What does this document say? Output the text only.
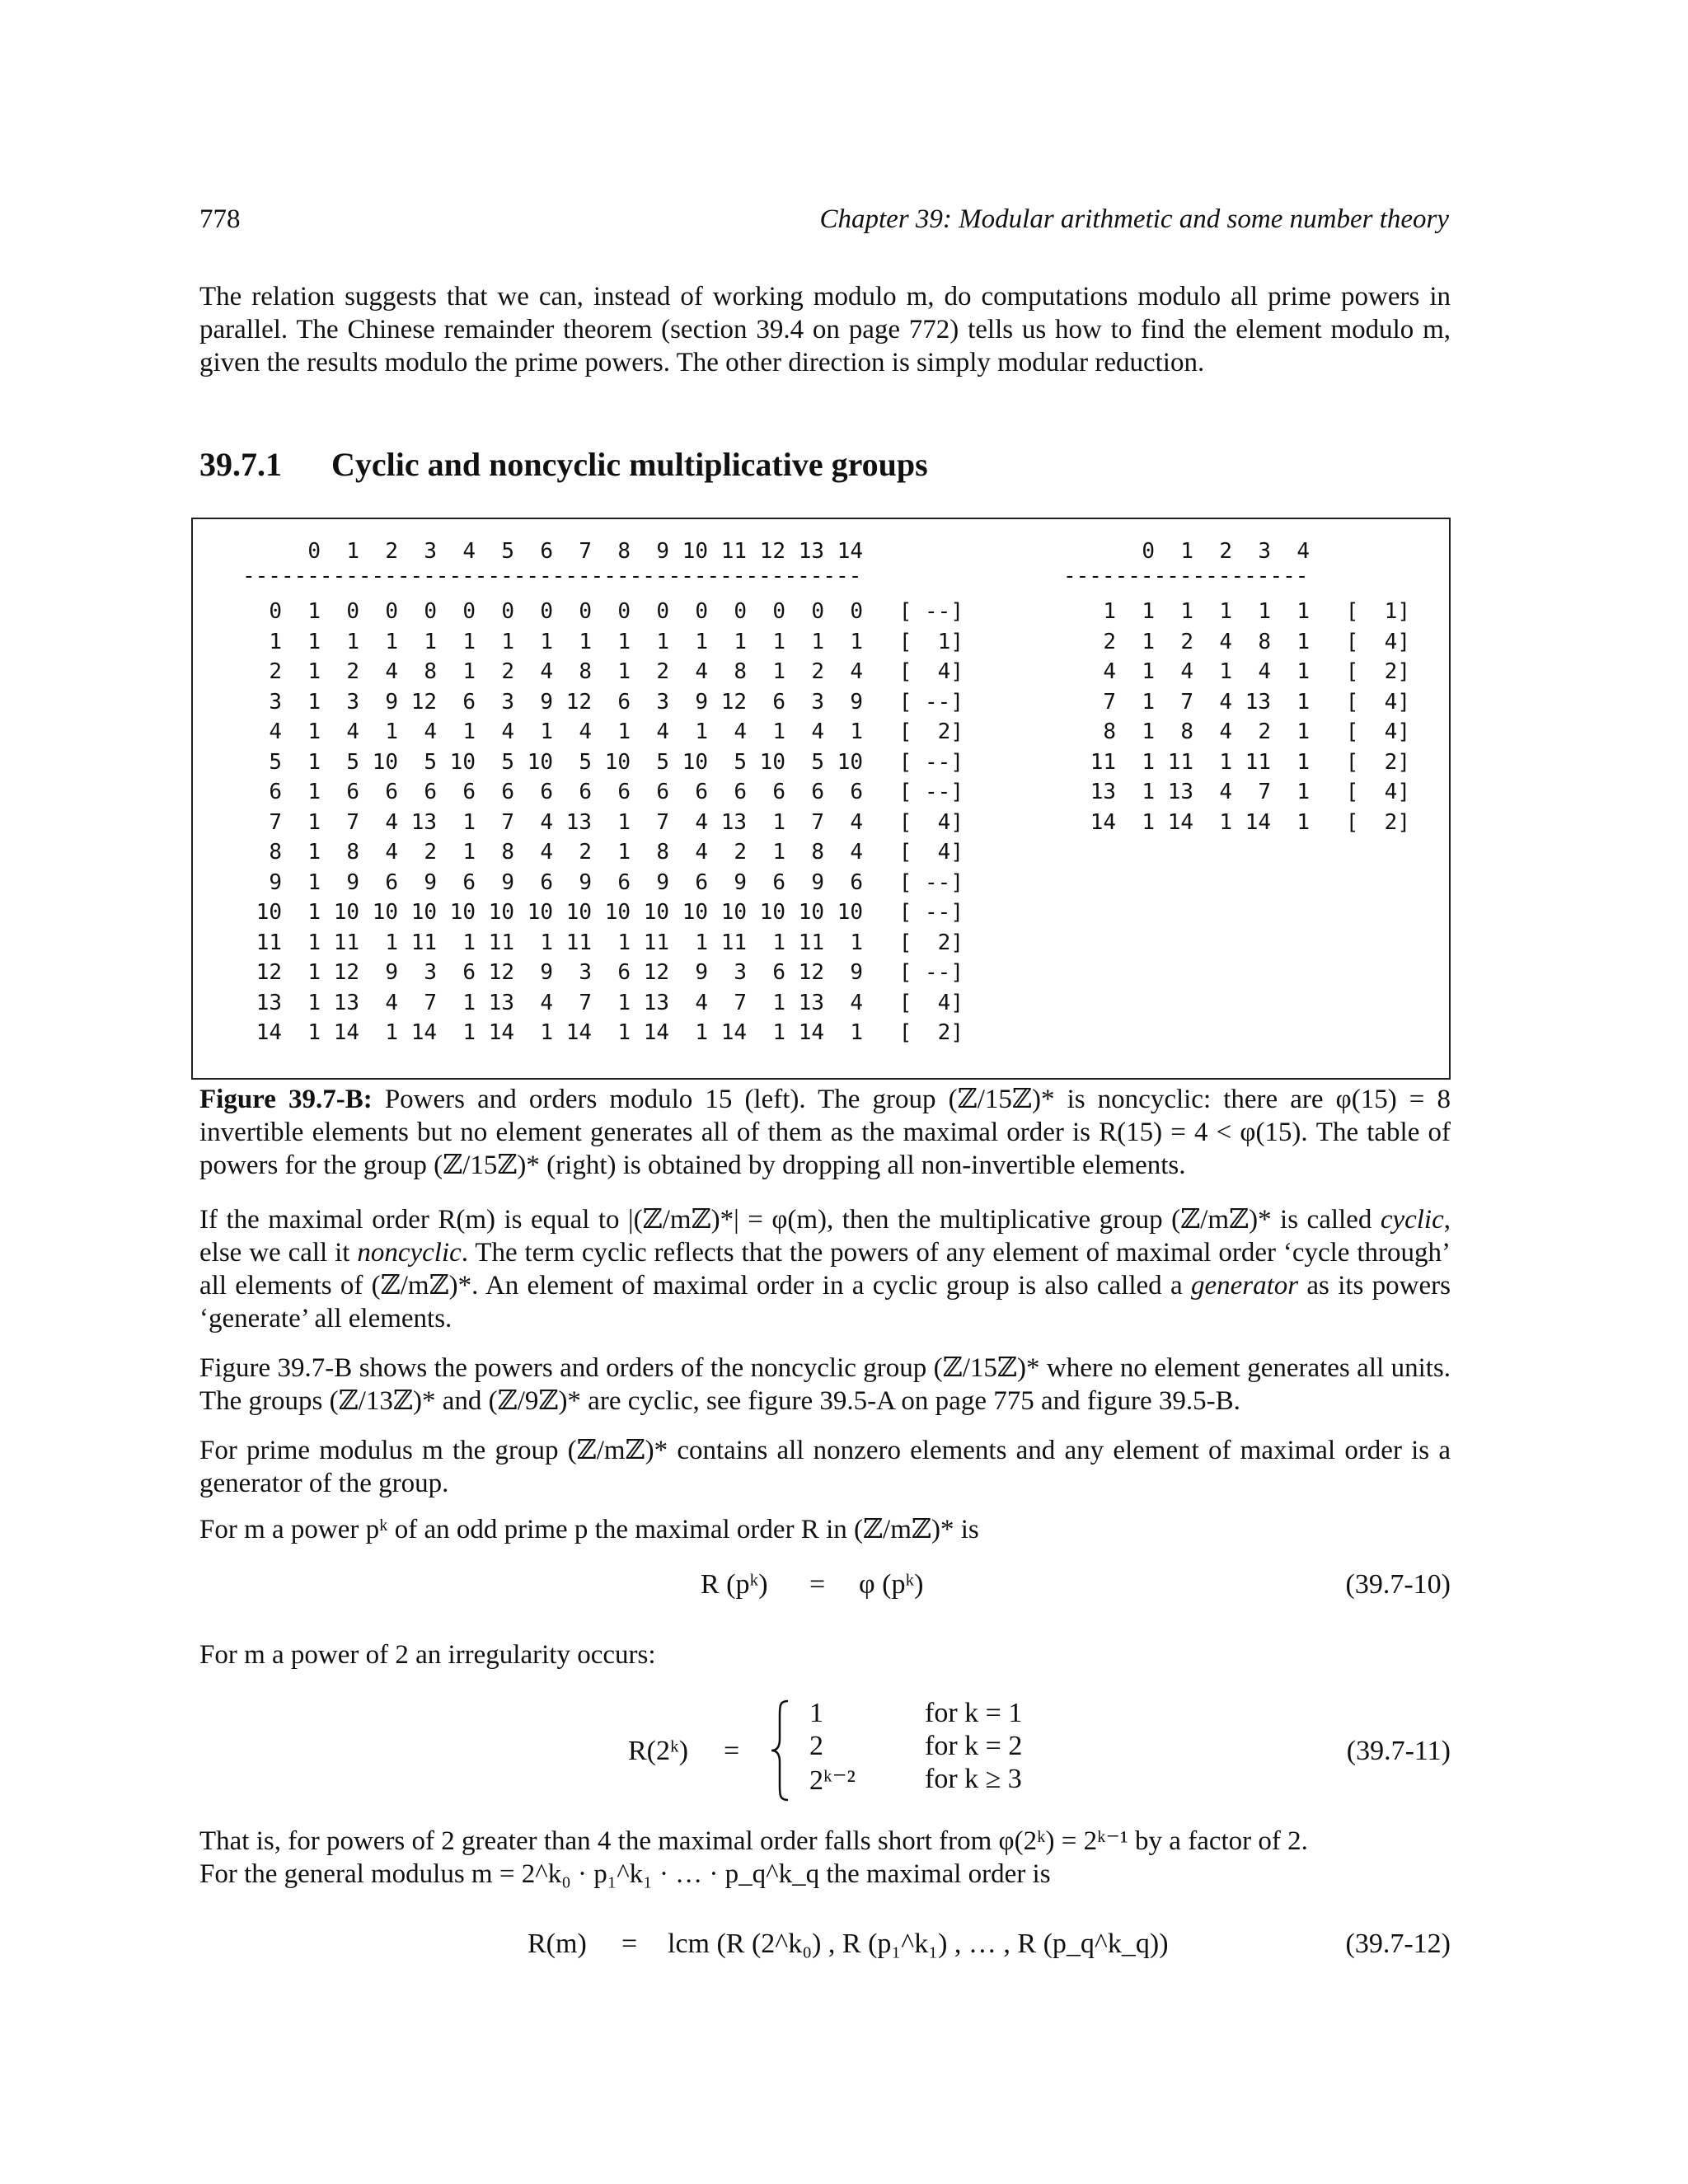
778	Chapter 39: Modular arithmetic and some number theory
The relation suggests that we can, instead of working modulo m, do computations modulo all prime powers in parallel. The Chinese remainder theorem (section 39.4 on page 772) tells us how to find the element modulo m, given the results modulo the prime powers. The other direction is simply modular reduction.
39.7.1 Cyclic and noncyclic multiplicative groups
	0	1	2	3	4	5	6	7	8	9	10	11	12	13	14	
------------------------------------------------																
0	1	0	0	0	0	0	0	0	0	0	0	0	0	0	0	[ --]
1	1	1	1	1	1	1	1	1	1	1	1	1	1	1	1	[  1]
2	1	2	4	8	1	2	4	8	1	2	4	8	1	2	4	[  4]
3	1	3	9	12	6	3	9	12	6	3	9	12	6	3	9	[ --]
4	1	4	1	4	1	4	1	4	1	4	1	4	1	4	1	[  2]
5	1	5	10	5	10	5	10	5	10	5	10	5	10	5	10	[ --]
6	1	6	6	6	6	6	6	6	6	6	6	6	6	6	6	[ --]
7	1	7	4	13	1	7	4	13	1	7	4	13	1	7	4	[  4]
8	1	8	4	2	1	8	4	2	1	8	4	2	1	8	4	[  4]
9	1	9	6	9	6	9	6	9	6	9	6	9	6	9	6	[ --]
10	1	10	10	10	10	10	10	10	10	10	10	10	10	10	10	[ --]
11	1	11	1	11	1	11	1	11	1	11	1	11	1	11	1	[  2]
12	1	12	9	3	6	12	9	3	6	12	9	3	6	12	9	[ --]
13	1	13	4	7	1	13	4	7	1	13	4	7	1	13	4	[  4]
14	1	14	1	14	1	14	1	14	1	14	1	14	1	14	1	[  2]
	0	1	2	3	4	
-------------------						
1	1	1	1	1	1	[  1]
2	1	2	4	8	1	[  4]
4	1	4	1	4	1	[  2]
7	1	7	4	13	1	[  4]
8	1	8	4	2	1	[  4]
11	1	11	1	11	1	[  2]
13	1	13	4	7	1	[  4]
14	1	14	1	14	1	[  2]
Figure 39.7-B: Powers and orders modulo 15 (left). The group (ℤ/15ℤ)* is noncyclic: there are φ(15) = 8 invertible elements but no element generates all of them as the maximal order is R(15) = 4 < φ(15). The table of powers for the group (ℤ/15ℤ)* (right) is obtained by dropping all non-invertible elements.
If the maximal order R(m) is equal to |(ℤ/mℤ)*| = φ(m), then the multiplicative group (ℤ/mℤ)* is called cyclic, else we call it noncyclic. The term cyclic reflects that the powers of any element of maximal order ‘cycle through’ all elements of (ℤ/mℤ)*. An element of maximal order in a cyclic group is also called a generator as its powers ‘generate’ all elements.
Figure 39.7-B shows the powers and orders of the noncyclic group (ℤ/15ℤ)* where no element generates all units. The groups (ℤ/13ℤ)* and (ℤ/9ℤ)* are cyclic, see figure 39.5-A on page 775 and figure 39.5-B.
For prime modulus m the group (ℤ/mℤ)* contains all nonzero elements and any element of maximal order is a generator of the group.
For m a power pᵏ of an odd prime p the maximal order R in (ℤ/mℤ)* is
R (pᵏ) = φ (pᵏ)	(39.7-10)
For m a power of 2 an irregularity occurs:
R(2ᵏ) =
1	for k = 1
2	for k = 2
2ᵏ⁻² for k ≥ 3
(39.7-11)
That is, for powers of 2 greater than 4 the maximal order falls short from φ(2ᵏ) = 2ᵏ⁻¹ by a factor of 2.
For the general modulus m = 2^k₀ · p₁^k₁ · … · p_q^k_q the maximal order is
R(m) = lcm (R (2^k₀) , R (p₁^k₁) , … , R (p_q^k_q))	(39.7-12)
